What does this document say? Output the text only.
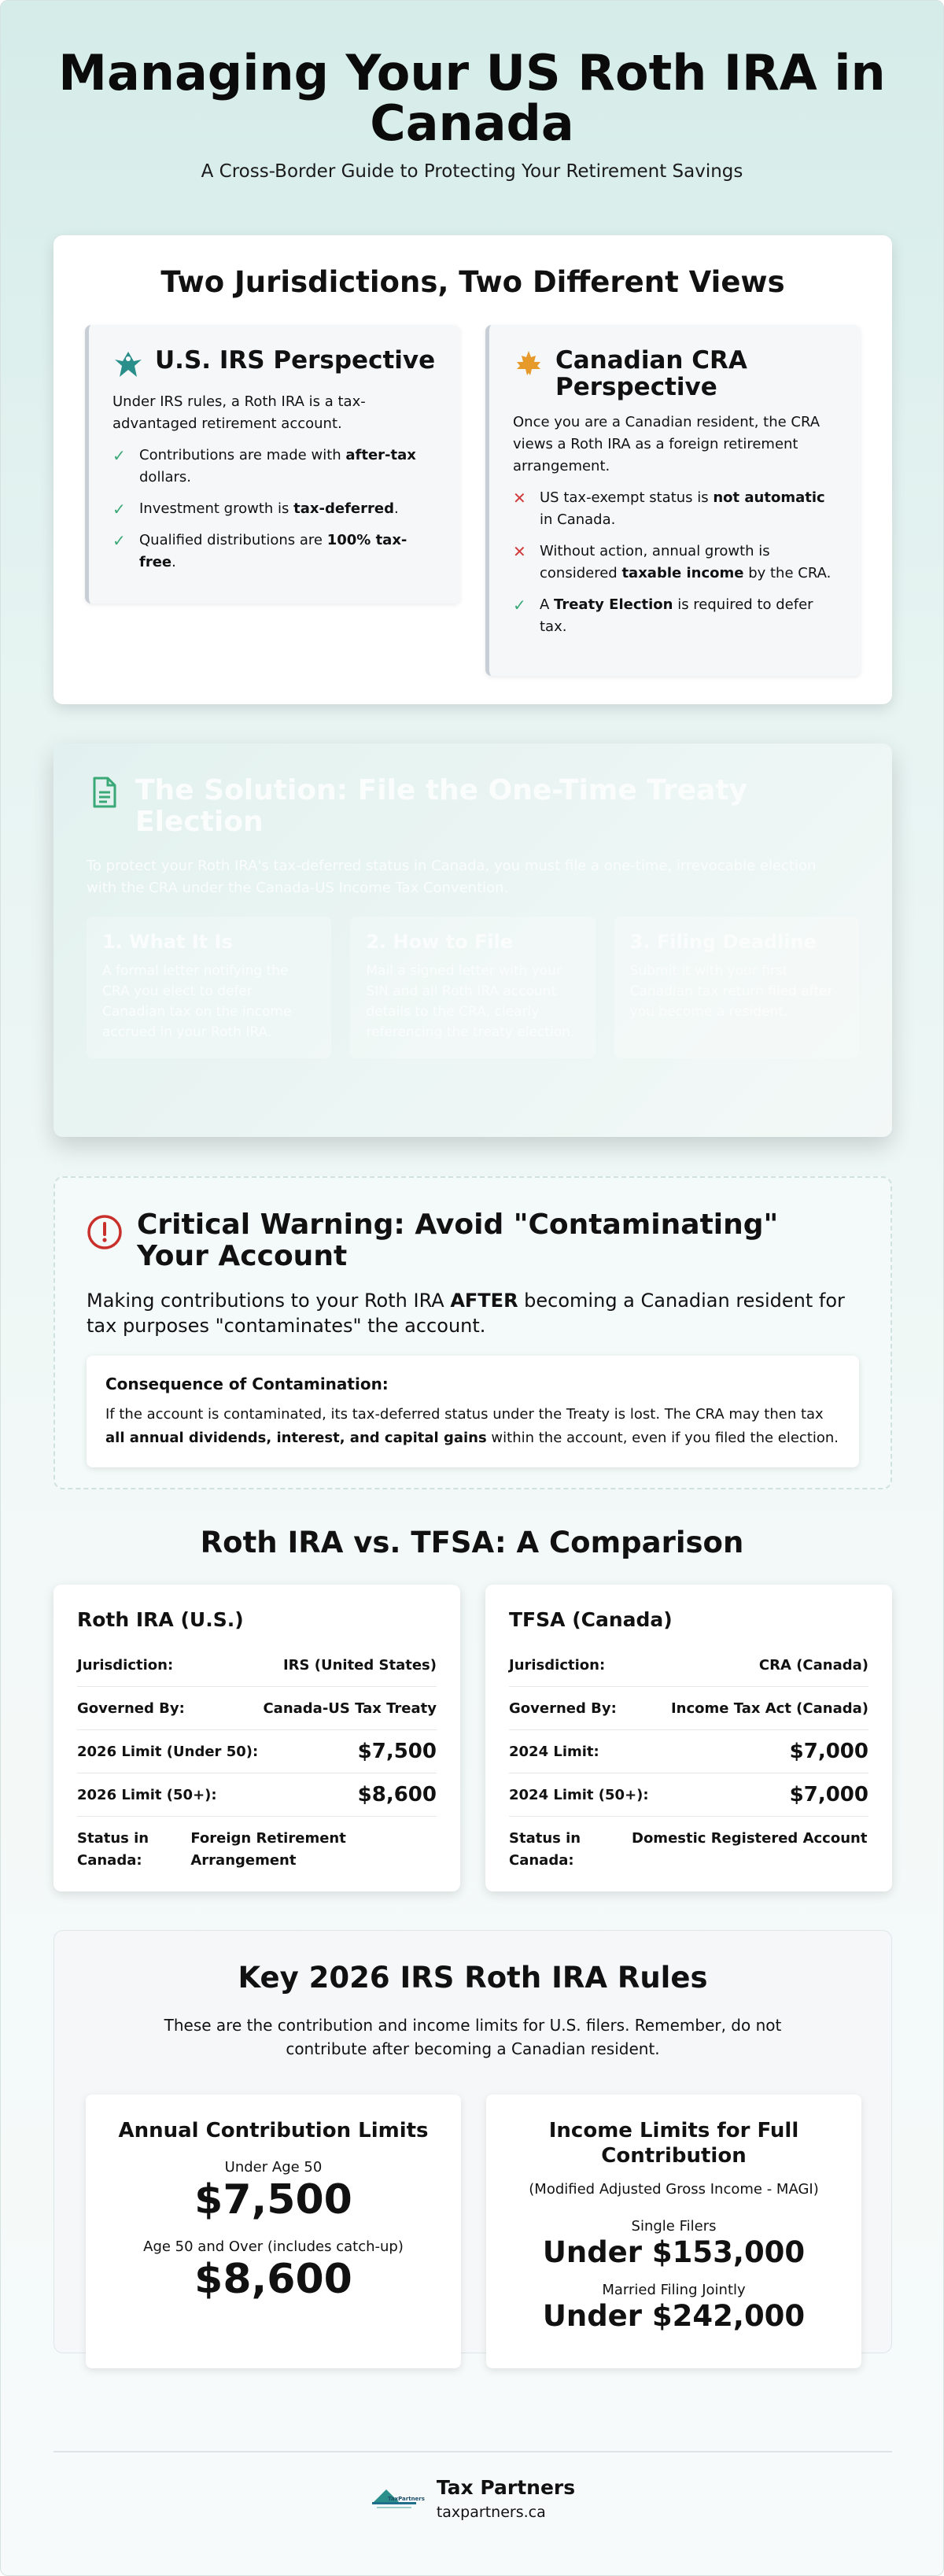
Managing Your US Roth IRA in Canada
A Cross-Border Guide to Protecting Your Retirement Savings
Two Jurisdictions, Two Different Views
U.S. IRS Perspective

Under IRS rules, a Roth IRA is a tax-advantaged retirement account.

✓ Contributions are made with after-tax dollars.
✓ Investment growth is tax-deferred.
✓ Qualified distributions are 100% tax-free.
Canadian CRA Perspective

Once you are a Canadian resident, the CRA views a Roth IRA as a foreign retirement arrangement.

✕ US tax-exempt status is not automatic in Canada.
✕ Without action, annual growth is considered taxable income by the CRA.
✓ A Treaty Election is required to defer tax.
The Solution: File the One-Time Treaty Election

To protect your Roth IRA's tax-deferred status in Canada, you must file a one-time, irrevocable election with the CRA under the Canada-US Income Tax Convention.

1. What It Is

A formal letter notifying the CRA you elect to defer Canadian tax on the income accrued in your Roth IRA.

2. How to File

Mail a signed letter with your SIN and all Roth IRA account details to the CRA, clearly referencing the treaty election.

3. Filing Deadline

Submit it with your first Canadian tax return filed after you become a resident.

Critical Warning: Avoid "Contaminating" Your Account

Making contributions to your Roth IRA AFTER becoming a Canadian resident for tax purposes "contaminates" the account.

Consequence of Contamination:

If the account is contaminated, its tax-deferred status under the Treaty is lost. The CRA may then tax all annual dividends, interest, and capital gains within the account, even if you filed the election.

Roth IRA vs. TFSA: A Comparison
Roth IRA (U.S.)
Jurisdiction:	IRS (United States)
Governed By:	Canada-US Tax Treaty
2026 Limit (Under 50):	$7,500
2026 Limit (50+):	$8,600
Status in Canada:
Foreign Retirement Arrangement
TFSA (Canada)
Jurisdiction:	CRA (Canada)
Governed By:	Income Tax Act (Canada)
2024 Limit:	$7,000
2024 Limit (50+):	$7,000
Status in Canada:
Domestic Registered Account
Key 2026 IRS Roth IRA Rules

These are the contribution and income limits for U.S. filers. Remember, do not contribute after becoming a Canadian resident.

Annual Contribution Limits
Under Age 50
$7,500
Age 50 and Over (includes catch-up)
$8,600
Income Limits for Full Contribution
(Modified Adjusted Gross Income - MAGI)
Single Filers
Under $153,000
Married Filing Jointly
Under $242,000
TaxPartners Tax Partners
taxpartners.ca
